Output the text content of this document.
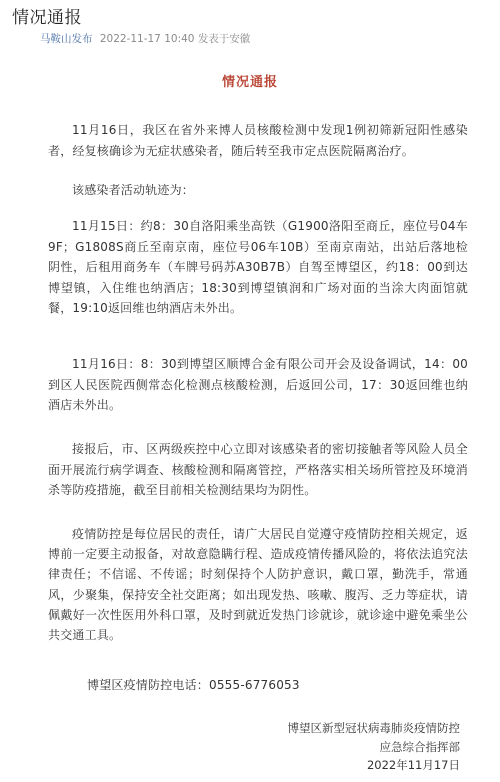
情况通报
马鞍山发布 2022-11-17 10:40 发表于安徽
情况通报
11月16日，我区在省外来博人员核酸检测中发现1例初筛新冠阳性感染者，经复核确诊为无症状感染者，随后转至我市定点医院隔离治疗。
该感染者活动轨迹为：
11月15日：约8：30自洛阳乘坐高铁（G1900洛阳至商丘，座位号04车9F；G1808S商丘至南京南，座位号06车10B）至南京南站，出站后落地检阴性，后租用商务车（车牌号码苏A30B7B）自驾至博望区，约18：00到达博望镇，入住维也纳酒店；18:30到博望镇润和广场对面的当涂大肉面馆就餐，19:10返回维也纳酒店未外出。
11月16日：8：30到博望区顺博合金有限公司开会及设备调试，14：00到区人民医院西侧常态化检测点核酸检测，后返回公司，17：30返回维也纳酒店未外出。
接报后，市、区两级疾控中心立即对该感染者的密切接触者等风险人员全面开展流行病学调查、核酸检测和隔离管控，严格落实相关场所管控及环境消杀等防疫措施，截至目前相关检测结果均为阴性。
疫情防控是每位居民的责任，请广大居民自觉遵守疫情防控相关规定，返博前一定要主动报备，对故意隐瞒行程、造成疫情传播风险的，将依法追究法律责任；不信谣、不传谣；时刻保持个人防护意识，戴口罩，勤洗手，常通风，少聚集，保持安全社交距离；如出现发热、咳嗽、腹泻、乏力等症状，请佩戴好一次性医用外科口罩，及时到就近发热门诊就诊，就诊途中避免乘坐公共交通工具。
博望区疫情防控电话：0555-6776053
博望区新型冠状病毒肺炎疫情防控
应急综合指挥部
2022年11月17日
